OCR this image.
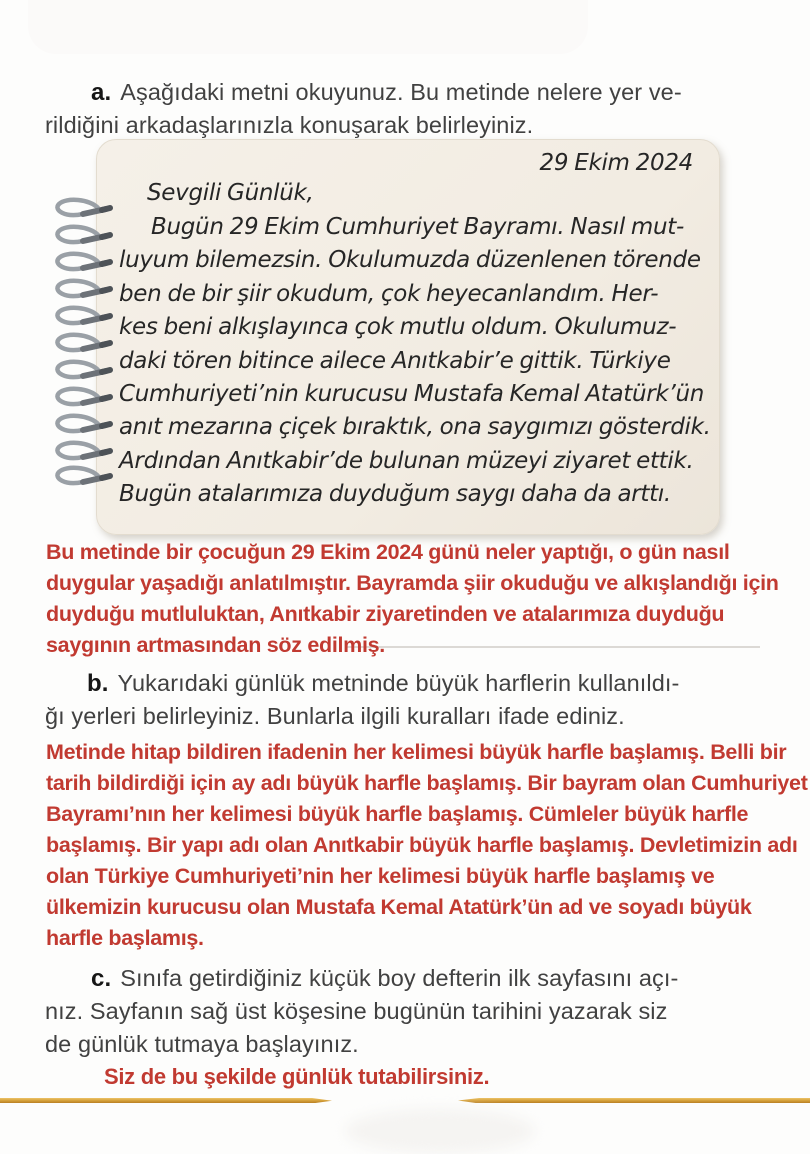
a. Aşağıdaki metni okuyunuz. Bu metinde nelere yer ve-
rildiğini arkadaşlarınızla konuşarak belirleyiniz.
29 Ekim 2024
Sevgili Günlük,
Bugün 29 Ekim Cumhuriyet Bayramı. Nasıl mut-
luyum bilemezsin. Okulumuzda düzenlenen törende
ben de bir şiir okudum, çok heyecanlandım. Her-
kes beni alkışlayınca çok mutlu oldum. Okulumuz-
daki tören bitince ailece Anıtkabir’e gittik. Türkiye
Cumhuriyeti’nin kurucusu Mustafa Kemal Atatürk’ün
anıt mezarına çiçek bıraktık, ona saygımızı gösterdik.
Ardından Anıtkabir’de bulunan müzeyi ziyaret ettik.
Bugün atalarımıza duyduğum saygı daha da arttı.
Bu metinde bir çocuğun 29 Ekim 2024 günü neler yaptığı, o gün nasıl
duygular yaşadığı anlatılmıştır. Bayramda şiir okuduğu ve alkışlandığı için
duyduğu mutluluktan, Anıtkabir ziyaretinden ve atalarımıza duyduğu
saygının artmasından söz edilmiş.
b. Yukarıdaki günlük metninde büyük harflerin kullanıldı-
ğı yerleri belirleyiniz. Bunlarla ilgili kuralları ifade ediniz.
Metinde hitap bildiren ifadenin her kelimesi büyük harfle başlamış. Belli bir
tarih bildirdiği için ay adı büyük harfle başlamış. Bir bayram olan Cumhuriyet
Bayramı’nın her kelimesi büyük harfle başlamış. Cümleler büyük harfle
başlamış. Bir yapı adı olan Anıtkabir büyük harfle başlamış. Devletimizin adı
olan Türkiye Cumhuriyeti’nin her kelimesi büyük harfle başlamış ve
ülkemizin kurucusu olan Mustafa Kemal Atatürk’ün ad ve soyadı büyük
harfle başlamış.
c. Sınıfa getirdiğiniz küçük boy defterin ilk sayfasını açı-
nız. Sayfanın sağ üst köşesine bugünün tarihini yazarak siz
de günlük tutmaya başlayınız.
Siz de bu şekilde günlük tutabilirsiniz.
